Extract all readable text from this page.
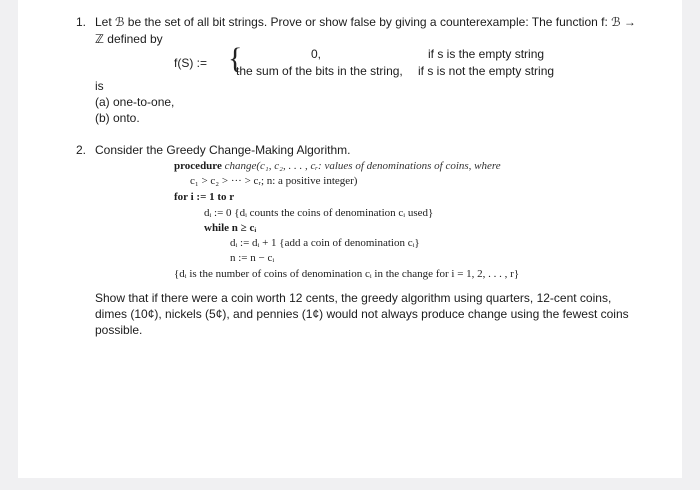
1. Let ℬ be the set of all bit strings. Prove or show false by giving a counterexample: The function f: ℬ →
ℤ defined by
f(S) := {	0,	if s is the empty string
the sum of the bits in the string, if s is not the empty string
is
(a) one-to-one,
(b) onto.
2. Consider the Greedy Change-Making Algorithm.
procedure change(c₁, c₂, . . . , cᵣ: values of denominations of coins, where
c₁ > c₂ > ··· > cᵣ; n: a positive integer)
for i := 1 to r
dᵢ := 0 {dᵢ counts the coins of denomination cᵢ used}
while n ≥ cᵢ
dᵢ := dᵢ + 1 {add a coin of denomination cᵢ}
n := n − cᵢ
{dᵢ is the number of coins of denomination cᵢ in the change for i = 1, 2, . . . , r}
Show that if there were a coin worth 12 cents, the greedy algorithm using quarters, 12-cent coins,
dimes (10¢), nickels (5¢), and pennies (1¢) would not always produce change using the fewest coins
possible.
